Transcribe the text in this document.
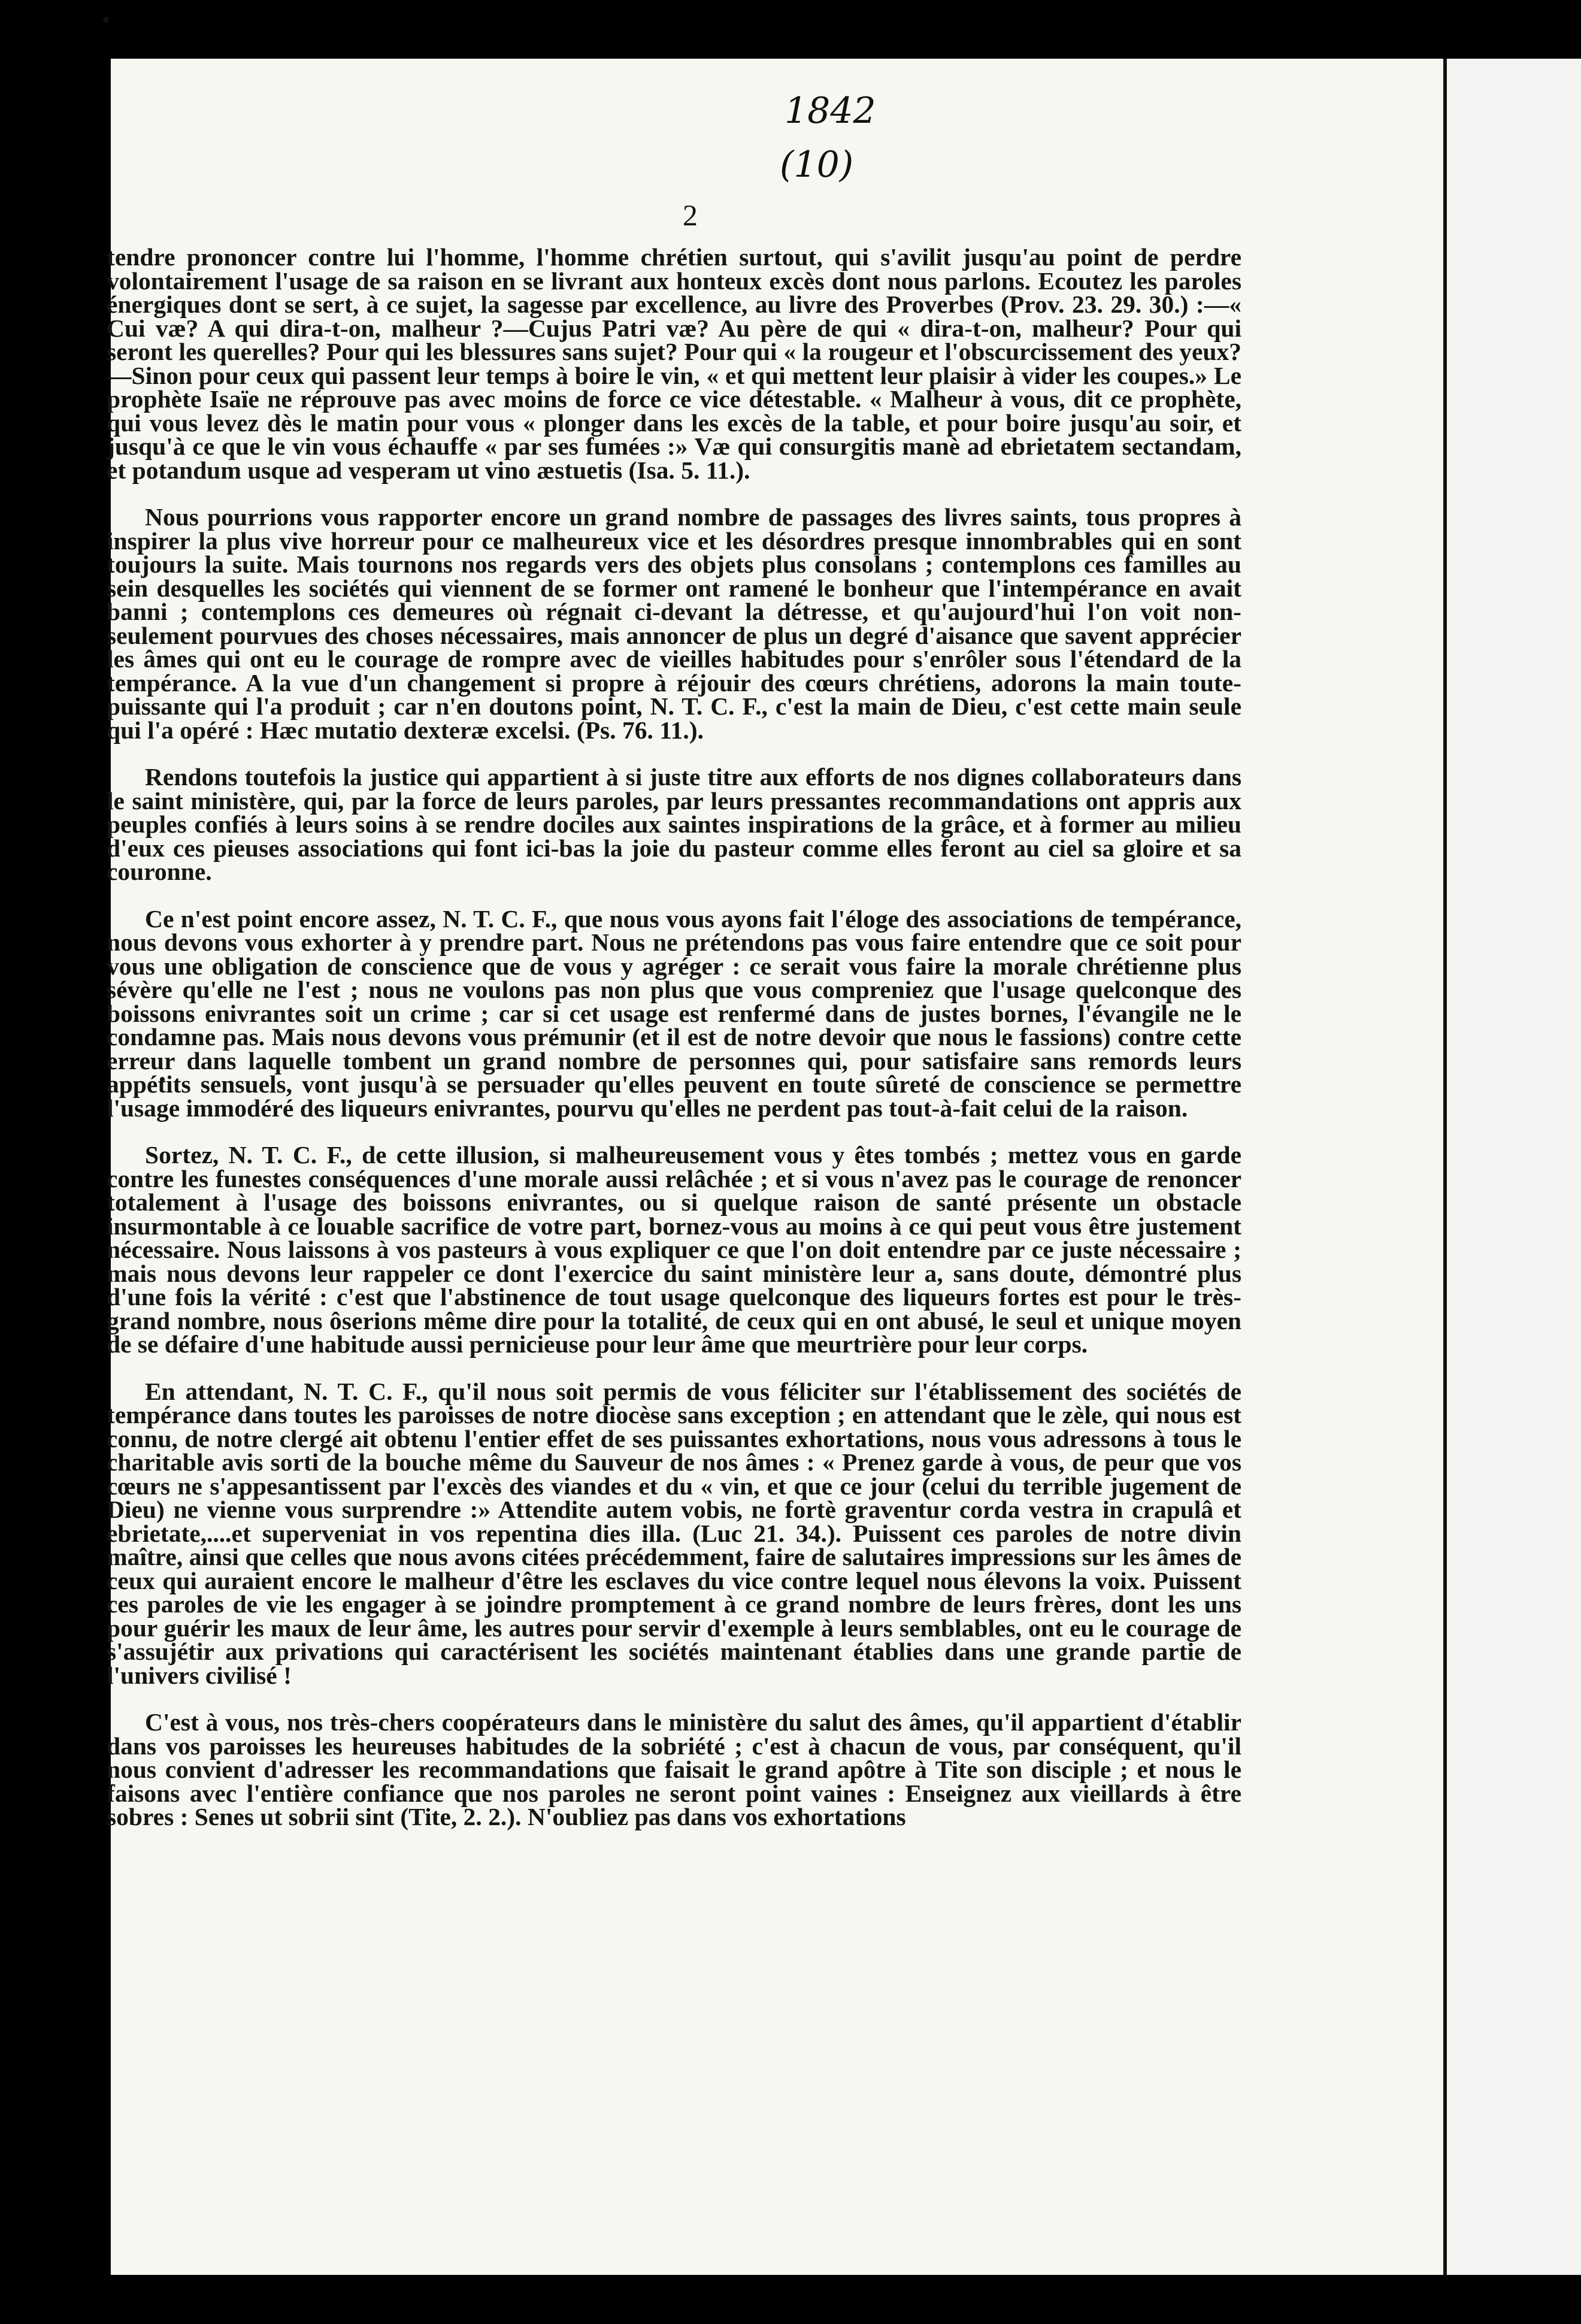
1842
(10)
2

tendre prononcer contre lui l'homme, l'homme chrétien surtout, qui s'avilit jusqu'au point de perdre volontairement l'usage de sa raison en se livrant aux honteux excès dont nous parlons. Ecoutez les paroles énergiques dont se sert, à ce sujet, la sagesse par excellence, au livre des Proverbes (Prov. 23. 29. 30.) :—« Cui væ? A qui dira-t-on, malheur ?—Cujus Patri væ? Au père de qui « dira-t-on, malheur? Pour qui seront les querelles? Pour qui les blessures sans sujet? Pour qui « la rougeur et l'obscurcissement des yeux?—Sinon pour ceux qui passent leur temps à boire le vin, « et qui mettent leur plaisir à vider les coupes.» Le prophète Isaïe ne réprouve pas avec moins de force ce vice détestable. « Malheur à vous, dit ce prophète, qui vous levez dès le matin pour vous « plonger dans les excès de la table, et pour boire jusqu'au soir, et jusqu'à ce que le vin vous échauffe « par ses fumées :» Væ qui consurgitis manè ad ebrietatem sectandam, et potandum usque ad vesperam ut vino æstuetis (Isa. 5. 11.).

Nous pourrions vous rapporter encore un grand nombre de passages des livres saints, tous propres à inspirer la plus vive horreur pour ce malheureux vice et les désordres presque innombrables qui en sont toujours la suite. Mais tournons nos regards vers des objets plus consolans ; contemplons ces familles au sein desquelles les sociétés qui viennent de se former ont ramené le bonheur que l'intempérance en avait banni ; contemplons ces demeures où régnait ci-devant la détresse, et qu'aujourd'hui l'on voit non-seulement pourvues des choses nécessaires, mais annoncer de plus un degré d'aisance que savent apprécier les âmes qui ont eu le courage de rompre avec de vieilles habitudes pour s'enrôler sous l'étendard de la tempérance. A la vue d'un changement si propre à réjouir des cœurs chrétiens, adorons la main toute-puissante qui l'a produit ; car n'en doutons point, N. T. C. F., c'est la main de Dieu, c'est cette main seule qui l'a opéré : Hæc mutatio dexteræ excelsi. (Ps. 76. 11.).

Rendons toutefois la justice qui appartient à si juste titre aux efforts de nos dignes collaborateurs dans le saint ministère, qui, par la force de leurs paroles, par leurs pressantes recommandations ont appris aux peuples confiés à leurs soins à se rendre dociles aux saintes inspirations de la grâce, et à former au milieu d'eux ces pieuses associations qui font ici-bas la joie du pasteur comme elles feront au ciel sa gloire et sa couronne.

Ce n'est point encore assez, N. T. C. F., que nous vous ayons fait l'éloge des associations de tempérance, nous devons vous exhorter à y prendre part. Nous ne prétendons pas vous faire entendre que ce soit pour vous une obligation de conscience que de vous y agréger : ce serait vous faire la morale chrétienne plus sévère qu'elle ne l'est ; nous ne voulons pas non plus que vous compreniez que l'usage quelconque des boissons enivrantes soit un crime ; car si cet usage est renfermé dans de justes bornes, l'évangile ne le condamne pas. Mais nous devons vous prémunir (et il est de notre devoir que nous le fassions) contre cette erreur dans laquelle tombent un grand nombre de personnes qui, pour satisfaire sans remords leurs appétits sensuels, vont jusqu'à se persuader qu'elles peuvent en toute sûreté de conscience se permettre l'usage immodéré des liqueurs enivrantes, pourvu qu'elles ne perdent pas tout-à-fait celui de la raison.

Sortez, N. T. C. F., de cette illusion, si malheureusement vous y êtes tombés ; mettez vous en garde contre les funestes conséquences d'une morale aussi relâchée ; et si vous n'avez pas le courage de renoncer totalement à l'usage des boissons enivrantes, ou si quelque raison de santé présente un obstacle insurmontable à ce louable sacrifice de votre part, bornez-vous au moins à ce qui peut vous être justement nécessaire. Nous laissons à vos pasteurs à vous expliquer ce que l'on doit entendre par ce juste nécessaire ; mais nous devons leur rappeler ce dont l'exercice du saint ministère leur a, sans doute, démontré plus d'une fois la vérité : c'est que l'abstinence de tout usage quelconque des liqueurs fortes est pour le très-grand nombre, nous ôserions même dire pour la totalité, de ceux qui en ont abusé, le seul et unique moyen de se défaire d'une habitude aussi pernicieuse pour leur âme que meurtrière pour leur corps.

En attendant, N. T. C. F., qu'il nous soit permis de vous féliciter sur l'établissement des sociétés de tempérance dans toutes les paroisses de notre diocèse sans exception ; en attendant que le zèle, qui nous est connu, de notre clergé ait obtenu l'entier effet de ses puissantes exhortations, nous vous adressons à tous le charitable avis sorti de la bouche même du Sauveur de nos âmes : « Prenez garde à vous, de peur que vos cœurs ne s'appesantissent par l'excès des viandes et du « vin, et que ce jour (celui du terrible jugement de Dieu) ne vienne vous surprendre :» Attendite autem vobis, ne fortè graventur corda vestra in crapulâ et ebrietate,....et superveniat in vos repentina dies illa. (Luc 21. 34.). Puissent ces paroles de notre divin maître, ainsi que celles que nous avons citées précédemment, faire de salutaires impressions sur les âmes de ceux qui auraient encore le malheur d'être les esclaves du vice contre lequel nous élevons la voix. Puissent ces paroles de vie les engager à se joindre promptement à ce grand nombre de leurs frères, dont les uns pour guérir les maux de leur âme, les autres pour servir d'exemple à leurs semblables, ont eu le courage de s'assujétir aux privations qui caractérisent les sociétés maintenant établies dans une grande partie de l'univers civilisé !

C'est à vous, nos très-chers coopérateurs dans le ministère du salut des âmes, qu'il appartient d'établir dans vos paroisses les heureuses habitudes de la sobriété ; c'est à chacun de vous, par conséquent, qu'il nous convient d'adresser les recommandations que faisait le grand apôtre à Tite son disciple ; et nous le faisons avec l'entière confiance que nos paroles ne seront point vaines : Enseignez aux vieillards à être sobres : Senes ut sobrii sint (Tite, 2. 2.). N'oubliez pas dans vos exhortations
